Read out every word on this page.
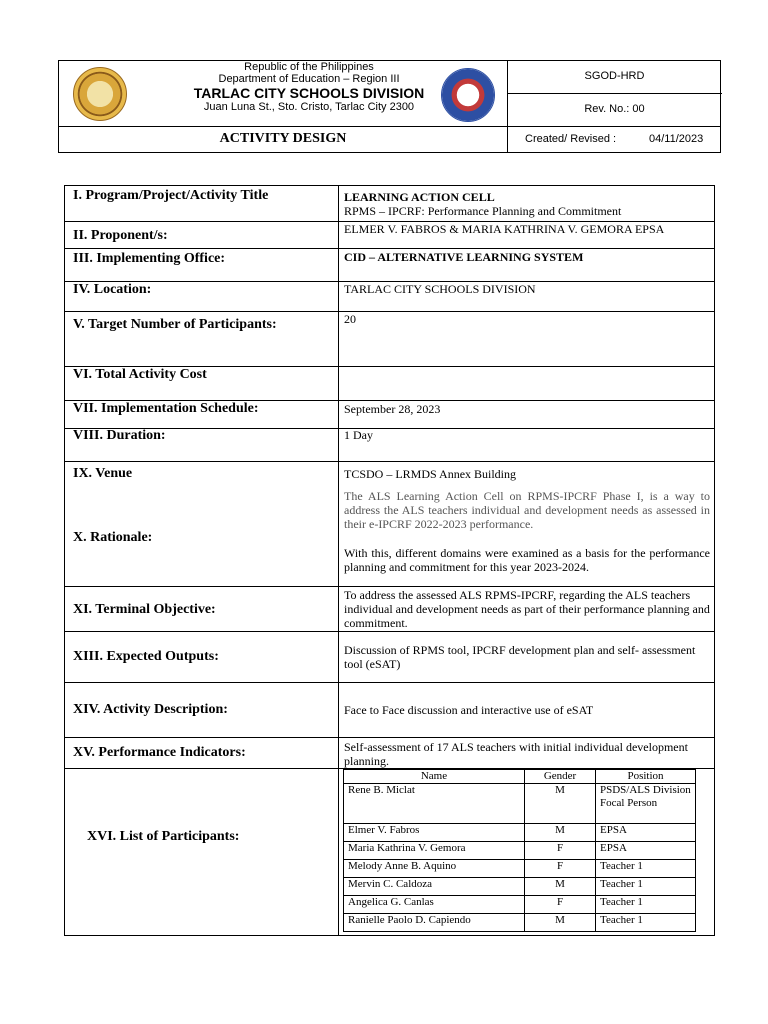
Republic of the Philippines
Department of Education – Region III
TARLAC CITY SCHOOLS DIVISION
Juan Luna St., Sto. Cristo, Tarlac City 2300
ACTIVITY DESIGN
SGOD-HRD
Rev. No.: 00
Created/ Revised :	04/11/2023
I. Program/Project/Activity Title	LEARNING ACTION CELL
RPMS – IPCRF: Performance Planning and Commitment
II. Proponent/s:	ELMER V. FABROS & MARIA KATHRINA V. GEMORA EPSA
III. Implementing Office:	CID – ALTERNATIVE LEARNING SYSTEM
IV. Location:	TARLAC CITY SCHOOLS DIVISION
V. Target Number of Participants:	20
VI. Total Activity Cost
VII. Implementation Schedule:	September 28, 2023
VIII. Duration:	1 Day
IX. Venue	TCSDO – LRMDS Annex Building
X. Rationale:
The ALS Learning Action Cell on RPMS-IPCRF Phase I, is a way to address the ALS teachers individual and development needs as assessed in their e-IPCRF 2022-2023 performance.
With this, different domains were examined as a basis for the performance planning and commitment for this year 2023-2024.
XI. Terminal Objective:
To address the assessed ALS RPMS-IPCRF, regarding the ALS teachers individual and development needs as part of their performance planning and commitment.
XIII. Expected Outputs:	Discussion of RPMS tool, IPCRF development plan and self- assessment tool (eSAT)
XIV. Activity Description:	Face to Face discussion and interactive use of eSAT
XV. Performance Indicators:	Self-assessment of 17 ALS teachers with initial individual development planning.
XVI. List of Participants:
Name	Gender	Position
Rene B. Miclat	M	PSDS/ALS Division Focal Person
Elmer V. Fabros	M	EPSA
Maria Kathrina V. Gemora	F	EPSA
Melody Anne B. Aquino	F	Teacher 1
Mervin C. Caldoza	M	Teacher 1
Angelica G. Canlas	F	Teacher 1
Ranielle Paolo D. Capiendo	M	Teacher 1
